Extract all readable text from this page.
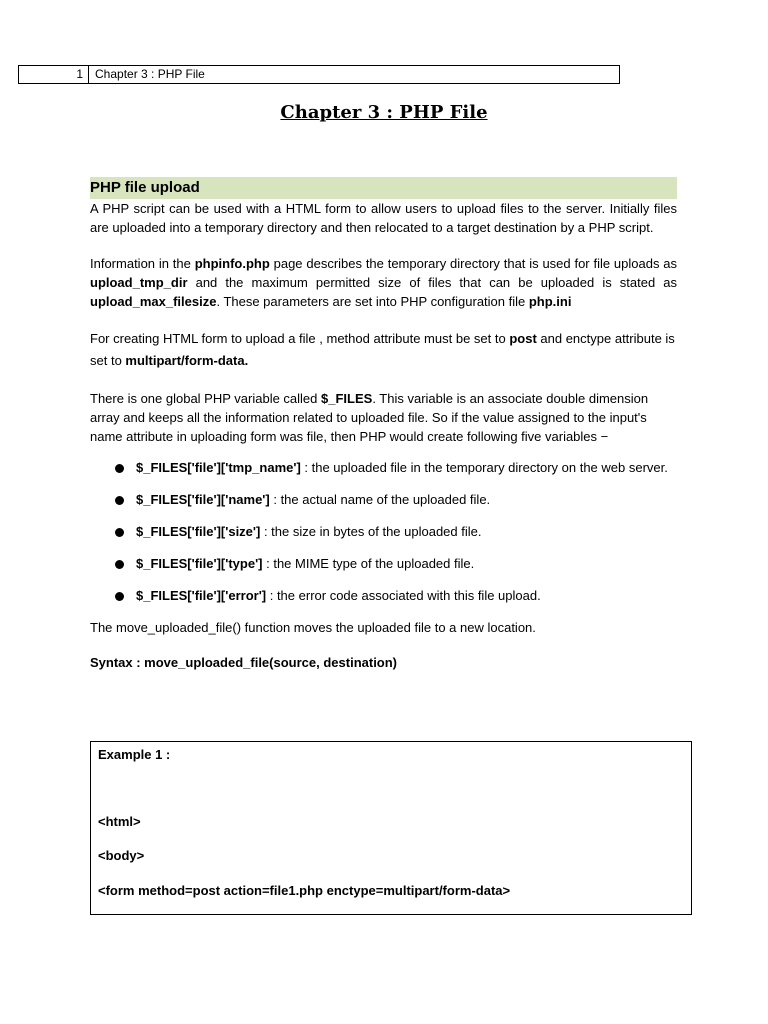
1	Chapter 3 : PHP File
Chapter 3 : PHP File
PHP file upload

A PHP script can be used with a HTML form to allow users to upload files to the server. Initially files are uploaded into a temporary directory and then relocated to a target destination by a PHP script.

Information in the phpinfo.php page describes the temporary directory that is used for file uploads as upload_tmp_dir and the maximum permitted size of files that can be uploaded is stated as upload_max_filesize. These parameters are set into PHP configuration file php.ini

For creating HTML form to upload a file , method attribute must be set to post and enctype attribute is set to multipart/form-data.

There is one global PHP variable called $_FILES. This variable is an associate double dimension array and keeps all the information related to uploaded file. So if the value assigned to the input's name attribute in uploading form was file, then PHP would create following five variables −

$_FILES['file']['tmp_name'] : the uploaded file in the temporary directory on the web server.
$_FILES['file']['name'] : the actual name of the uploaded file.
$_FILES['file']['size'] : the size in bytes of the uploaded file.
$_FILES['file']['type'] : the MIME type of the uploaded file.
$_FILES['file']['error'] : the error code associated with this file upload.

The move_uploaded_file() function moves the uploaded file to a new location.

Syntax : move_uploaded_file(source, destination)

Example 1 :
<html>
<body>
<form method=post action=file1.php enctype=multipart/form-data>
